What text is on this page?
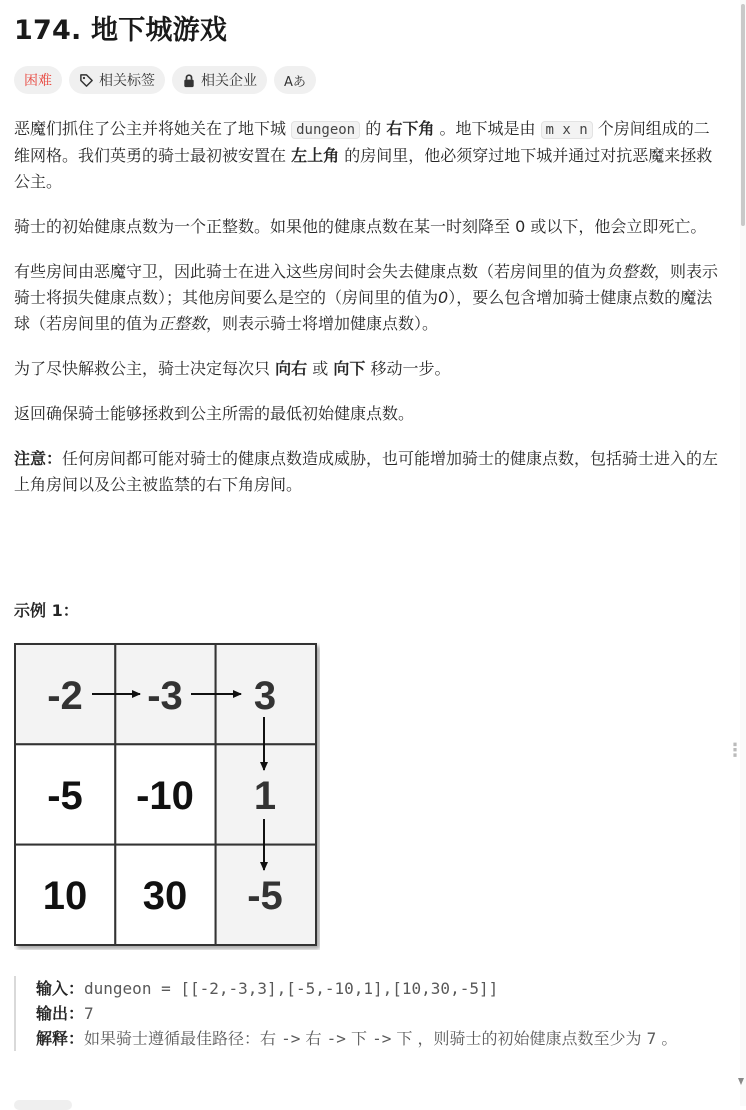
174. 地下城游戏
困难	相关标签	相关企业 Aあ

恶魔们抓住了公主并将她关在了地下城 dungeon 的 右下角 。地下城是由 m x n 个房间组成的二维网格。我们英勇的骑士最初被安置在 左上角 的房间里，他必须穿过地下城并通过对抗恶魔来拯救公主。

骑士的初始健康点数为一个正整数。如果他的健康点数在某一时刻降至 0 或以下，他会立即死亡。

有些房间由恶魔守卫，因此骑士在进入这些房间时会失去健康点数（若房间里的值为负整数，则表示骑士将损失健康点数）；其他房间要么是空的（房间里的值为0），要么包含增加骑士健康点数的魔法球（若房间里的值为正整数，则表示骑士将增加健康点数）。

为了尽快解救公主，骑士决定每次只 向右 或 向下 移动一步。

返回确保骑士能够拯救到公主所需的最低初始健康点数。

注意：任何房间都可能对骑士的健康点数造成威胁，也可能增加骑士的健康点数，包括骑士进入的左上角房间以及公主被监禁的右下角房间。

示例 1：

-2 -3 3
-5 -10 1
10 30 -5
输入：dungeon = [[-2,-3,3],[-5,-10,1],[10,30,-5]]
输出：7
解释：如果骑士遵循最佳路径：右 -> 右 -> 下 -> 下 ，则骑士的初始健康点数至少为 7 。
⋮
